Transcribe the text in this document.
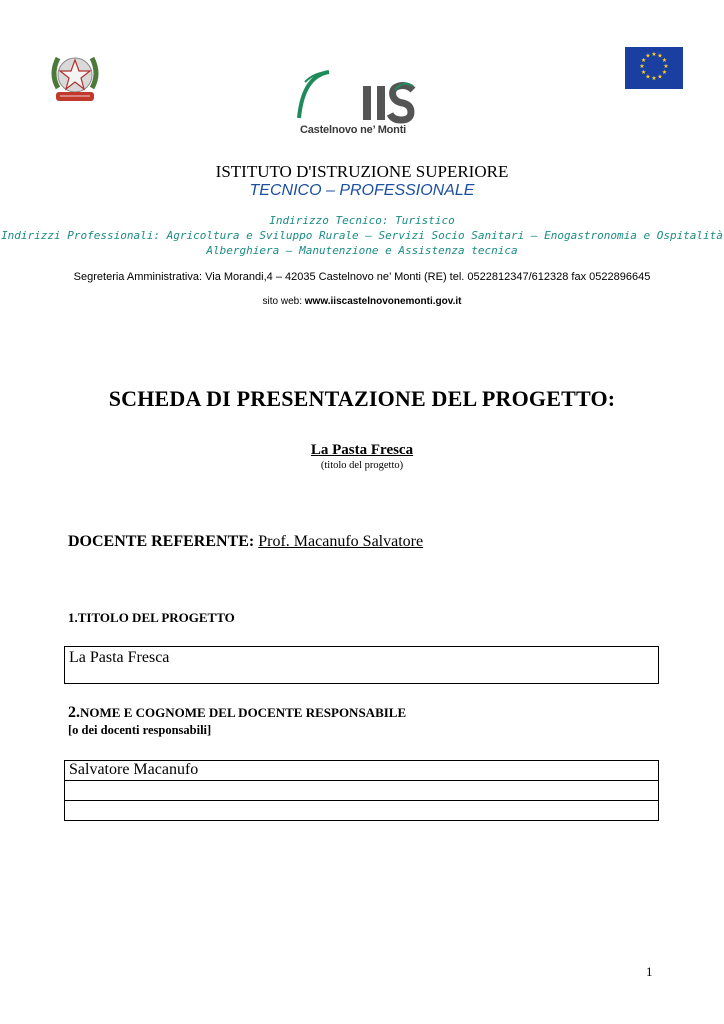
Castelnovo ne’ Monti
★ ★
★
★
★
★
★
★
★
★
★
★
ISTITUTO D'ISTRUZIONE SUPERIORE
TECNICO – PROFESSIONALE
Indirizzo Tecnico: Turistico
Indirizzi Professionali: Agricoltura e Sviluppo Rurale – Servizi Socio Sanitari – Enogastronomia e Ospitalità
Alberghiera – Manutenzione e Assistenza tecnica
Segreteria Amministrativa: Via Morandi,4 – 42035 Castelnovo ne’ Monti (RE) tel. 0522812347/612328 fax 0522896645
sito web: www.iiscastelnovonemonti.gov.it
SCHEDA DI PRESENTAZIONE DEL PROGETTO:
La Pasta Fresca
(titolo del progetto)
DOCENTE REFERENTE: Prof. Macanufo Salvatore
1.TITOLO DEL PROGETTO
La Pasta Fresca
2.NOME E COGNOME DEL DOCENTE RESPONSABILE
[o dei docenti responsabili]
Salvatore Macanufo
1
